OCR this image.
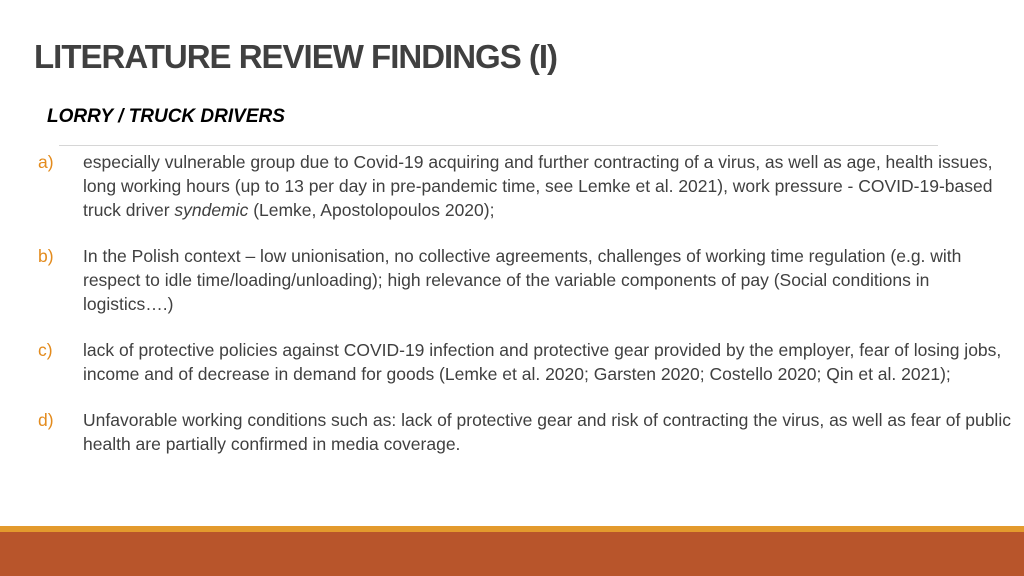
LITERATURE REVIEW FINDINGS (I)
LORRY / TRUCK DRIVERS
a) especially vulnerable group due to Covid-19 acquiring and further contracting of a virus, as well as age, health issues, long working hours (up to 13 per day in pre-pandemic time, see Lemke et al. 2021), work pressure - COVID-19-based truck driver syndemic (Lemke, Apostolopoulos 2020);
b) In the Polish context – low unionisation, no collective agreements, challenges of working time regulation (e.g. with respect to idle time/loading/unloading); high relevance of the variable components of pay (Social conditions in logistics….)
c) lack of protective policies against COVID-19 infection and protective gear provided by the employer, fear of losing jobs, income and of decrease in demand for goods (Lemke et al. 2020; Garsten 2020; Costello 2020; Qin et al. 2021);
d) Unfavorable working conditions such as: lack of protective gear and risk of contracting the virus, as well as fear of public health are partially confirmed in media coverage.
